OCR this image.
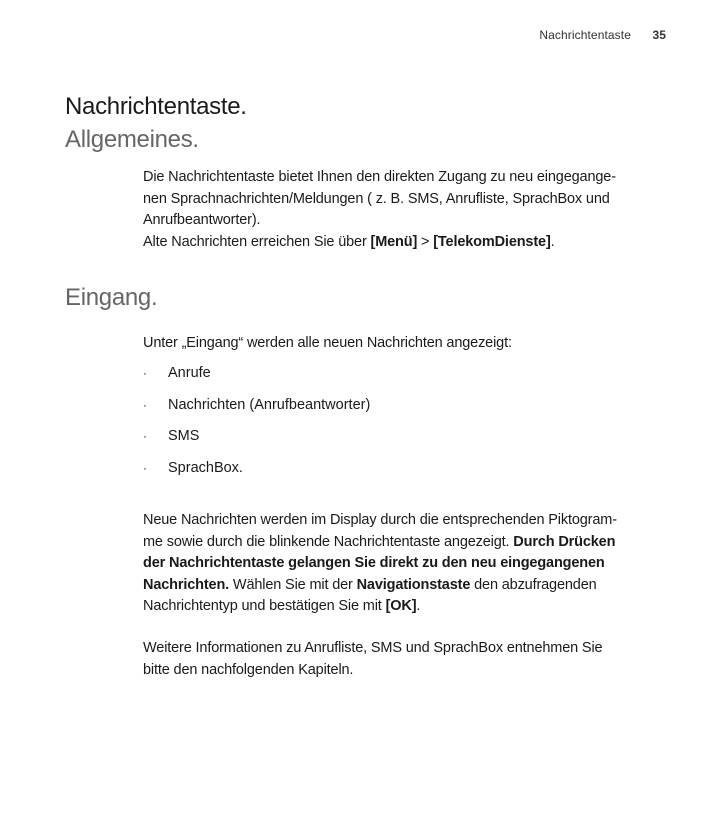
Nachrichtentaste 35
Nachrichtentaste.
Allgemeines.

Die Nachrichtentaste bietet Ihnen den direkten Zugang zu neu eingegange-
nen Sprachnachrichten/Meldungen ( z. B. SMS, Anrufliste, SprachBox und
Anrufbeantworter).

Alte Nachrichten erreichen Sie über [Menü] > [TelekomDienste].

Eingang.
Unter „Eingang“ werden alle neuen Nachrichten angezeigt:
· Anrufe
· Nachrichten (Anrufbeantworter)
· SMS
· SprachBox.
Neue Nachrichten werden im Display durch die entsprechenden Piktogram-
me sowie durch die blinkende Nachrichtentaste angezeigt. Durch Drücken
der Nachrichtentaste gelangen Sie direkt zu den neu eingegangenen
Nachrichten. Wählen Sie mit der Navigationstaste den abzufragenden
Nachrichtentyp und bestätigen Sie mit [OK].
Weitere Informationen zu Anrufliste, SMS und SprachBox entnehmen Sie
bitte den nachfolgenden Kapiteln.
